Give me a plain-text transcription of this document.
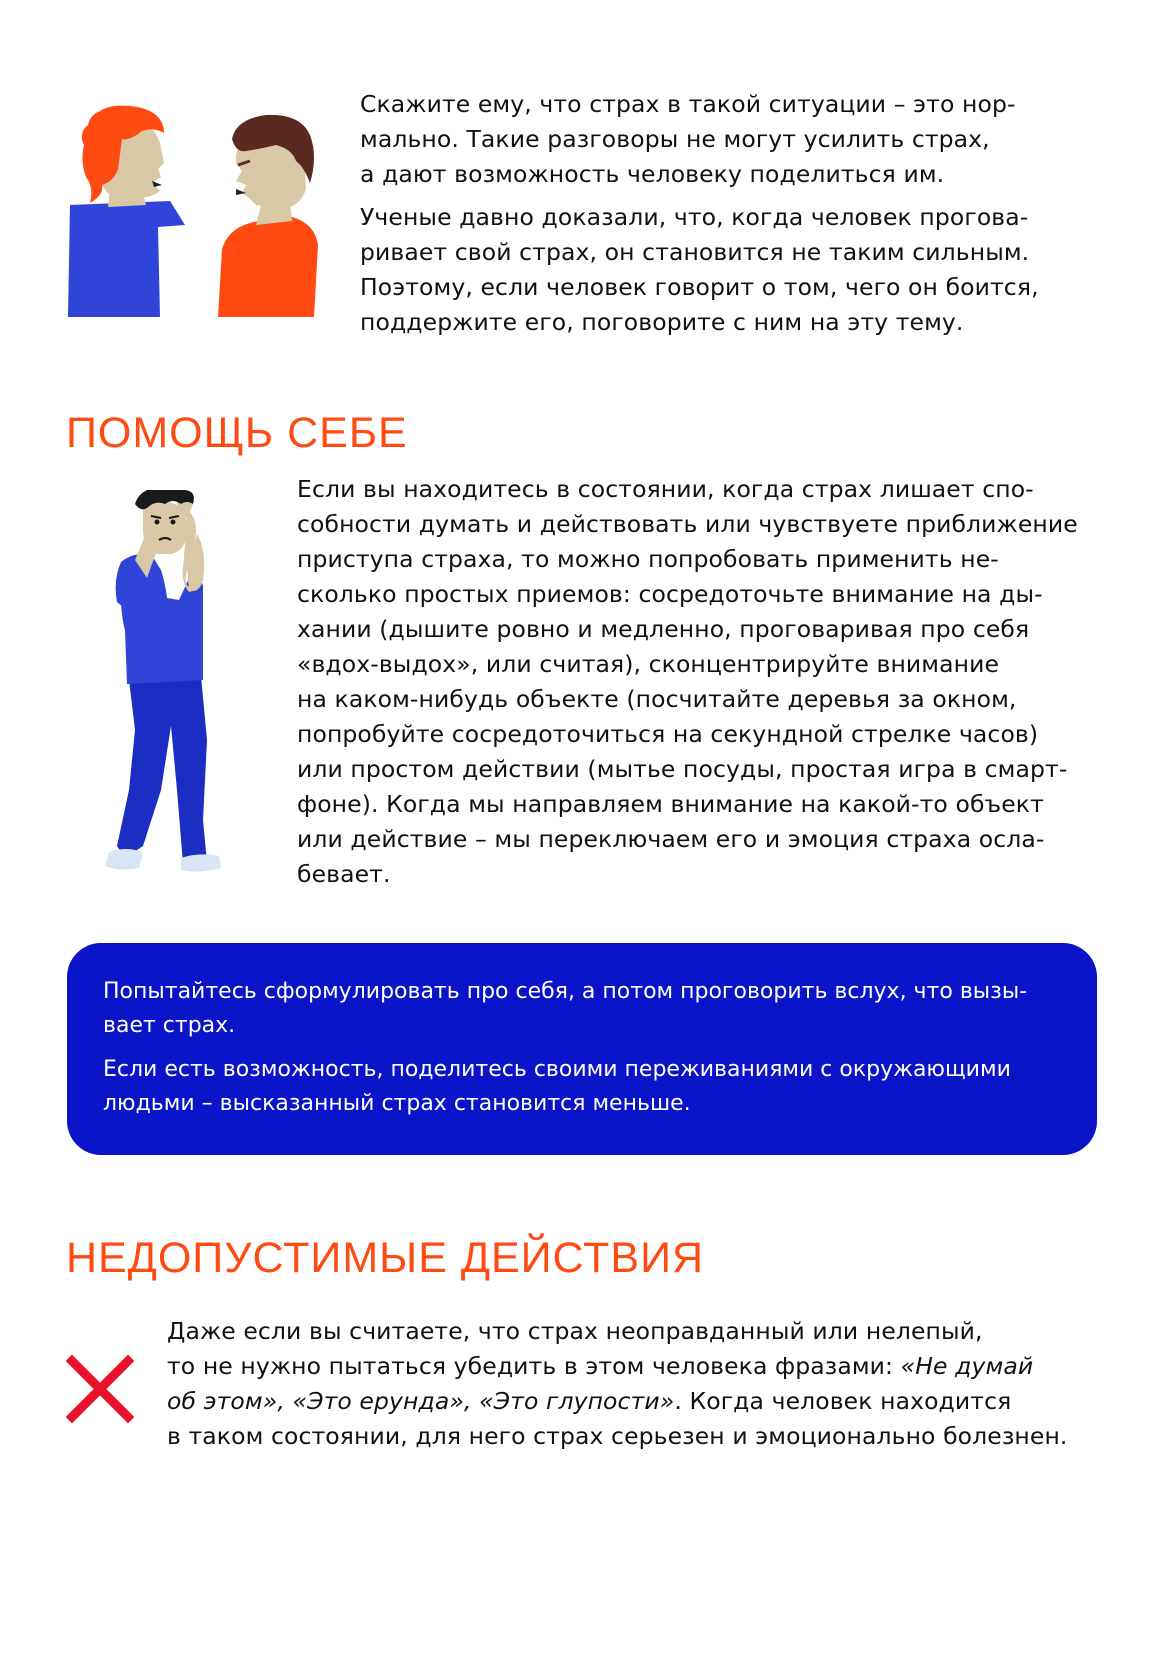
Скажите ему, что страх в такой ситуации – это нор-
мально. Такие разговоры не могут усилить страх,
а дают возможность человеку поделиться им.

Ученые давно доказали, что, когда человек прогова-
ривает свой страх, он становится не таким сильным.
Поэтому, если человек говорит о том, чего он боится,
поддержите его, поговорите с ним на эту тему.

ПОМОЩЬ СЕБЕ

Если вы находитесь в состоянии, когда страх лишает спо-
собности думать и действовать или чувствуете приближение
приступа страха, то можно попробовать применить не-
сколько простых приемов: сосредоточьте внимание на ды-
хании (дышите ровно и медленно, проговаривая про себя
«вдох-выдох», или считая), сконцентрируйте внимание
на каком-нибудь объекте (посчитайте деревья за окном,
попробуйте сосредоточиться на секундной стрелке часов)
или простом действии (мытье посуды, простая игра в смарт-
фоне). Когда мы направляем внимание на какой-то объект
или действие – мы переключаем его и эмоция страха осла-
бевает.

Попытайтесь сформулировать про себя, а потом проговорить вслух, что вызы-
вает страх.

Если есть возможность, поделитесь своими переживаниями с окружающими
людьми – высказанный страх становится меньше.

НЕДОПУСТИМЫЕ ДЕЙСТВИЯ

Даже если вы считаете, что страх неоправданный или нелепый,
то не нужно пытаться убедить в этом человека фразами: «Не думай
об этом», «Это ерунда», «Это глупости». Когда человек находится
в таком состоянии, для него страх серьезен и эмоционально болезнен.
